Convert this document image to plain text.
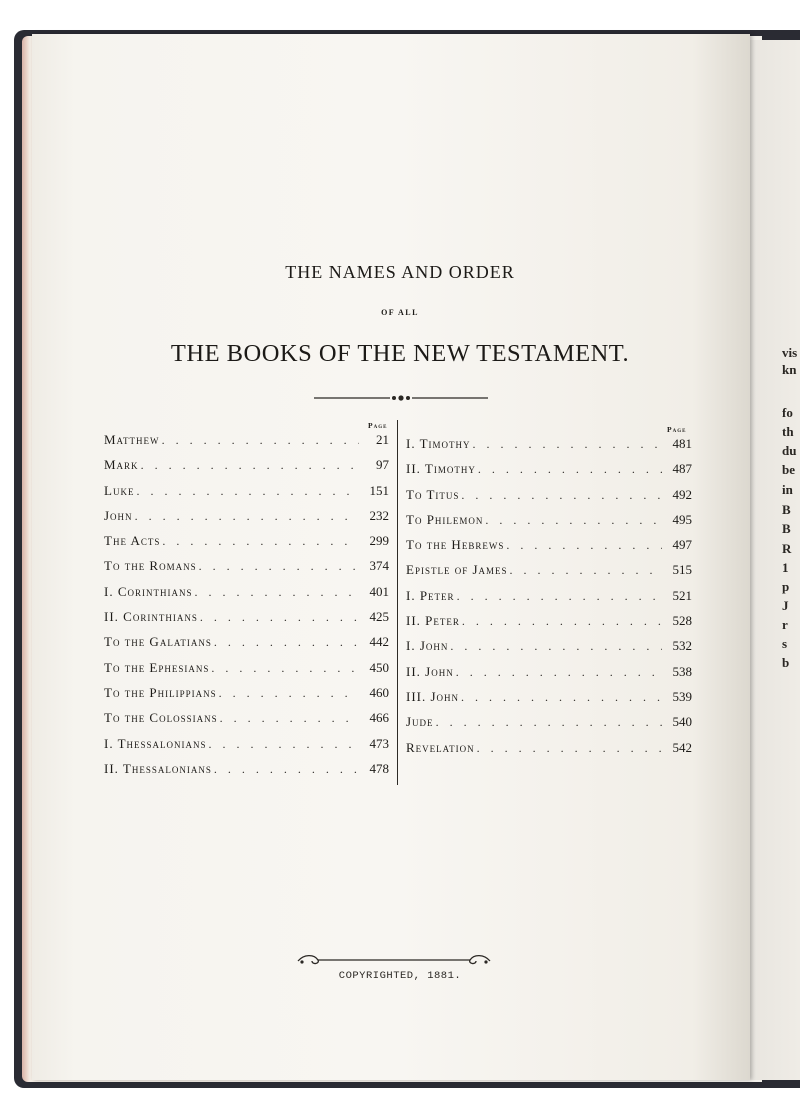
vis
kn
fo
th
du
be
in
B
B
R
1
p
J
r
s
b
THE NAMES AND ORDER
OF ALL
THE BOOKS OF THE NEW TESTAMENT.
Page	Page
Matthew . . .	21
Mark . . .	97
Luke . . .	151
John . . .	232
The Acts . . .	299
To the Romans . . .	374
I. Corinthians . . .	401
II. Corinthians . . .	425
To the Galatians . . .	442
To the Ephesians . . .	450
To the Philippians . . .	460
To the Colossians . . .	466
I. Thessalonians . . .	473
II. Thessalonians . . .	478
I. Timothy . . .	481
II. Timothy . . .	487
To Titus . . .	492
To Philemon . . .	495
To the Hebrews . . .	497
Epistle of James . . .	515
I. Peter . . .	521
II. Peter . . .	528
I. John . . .	532
II. John . . .	538
III. John . . .	539
Jude . . .	540
Revelation . . .	542
COPYRIGHTED, 1881.
